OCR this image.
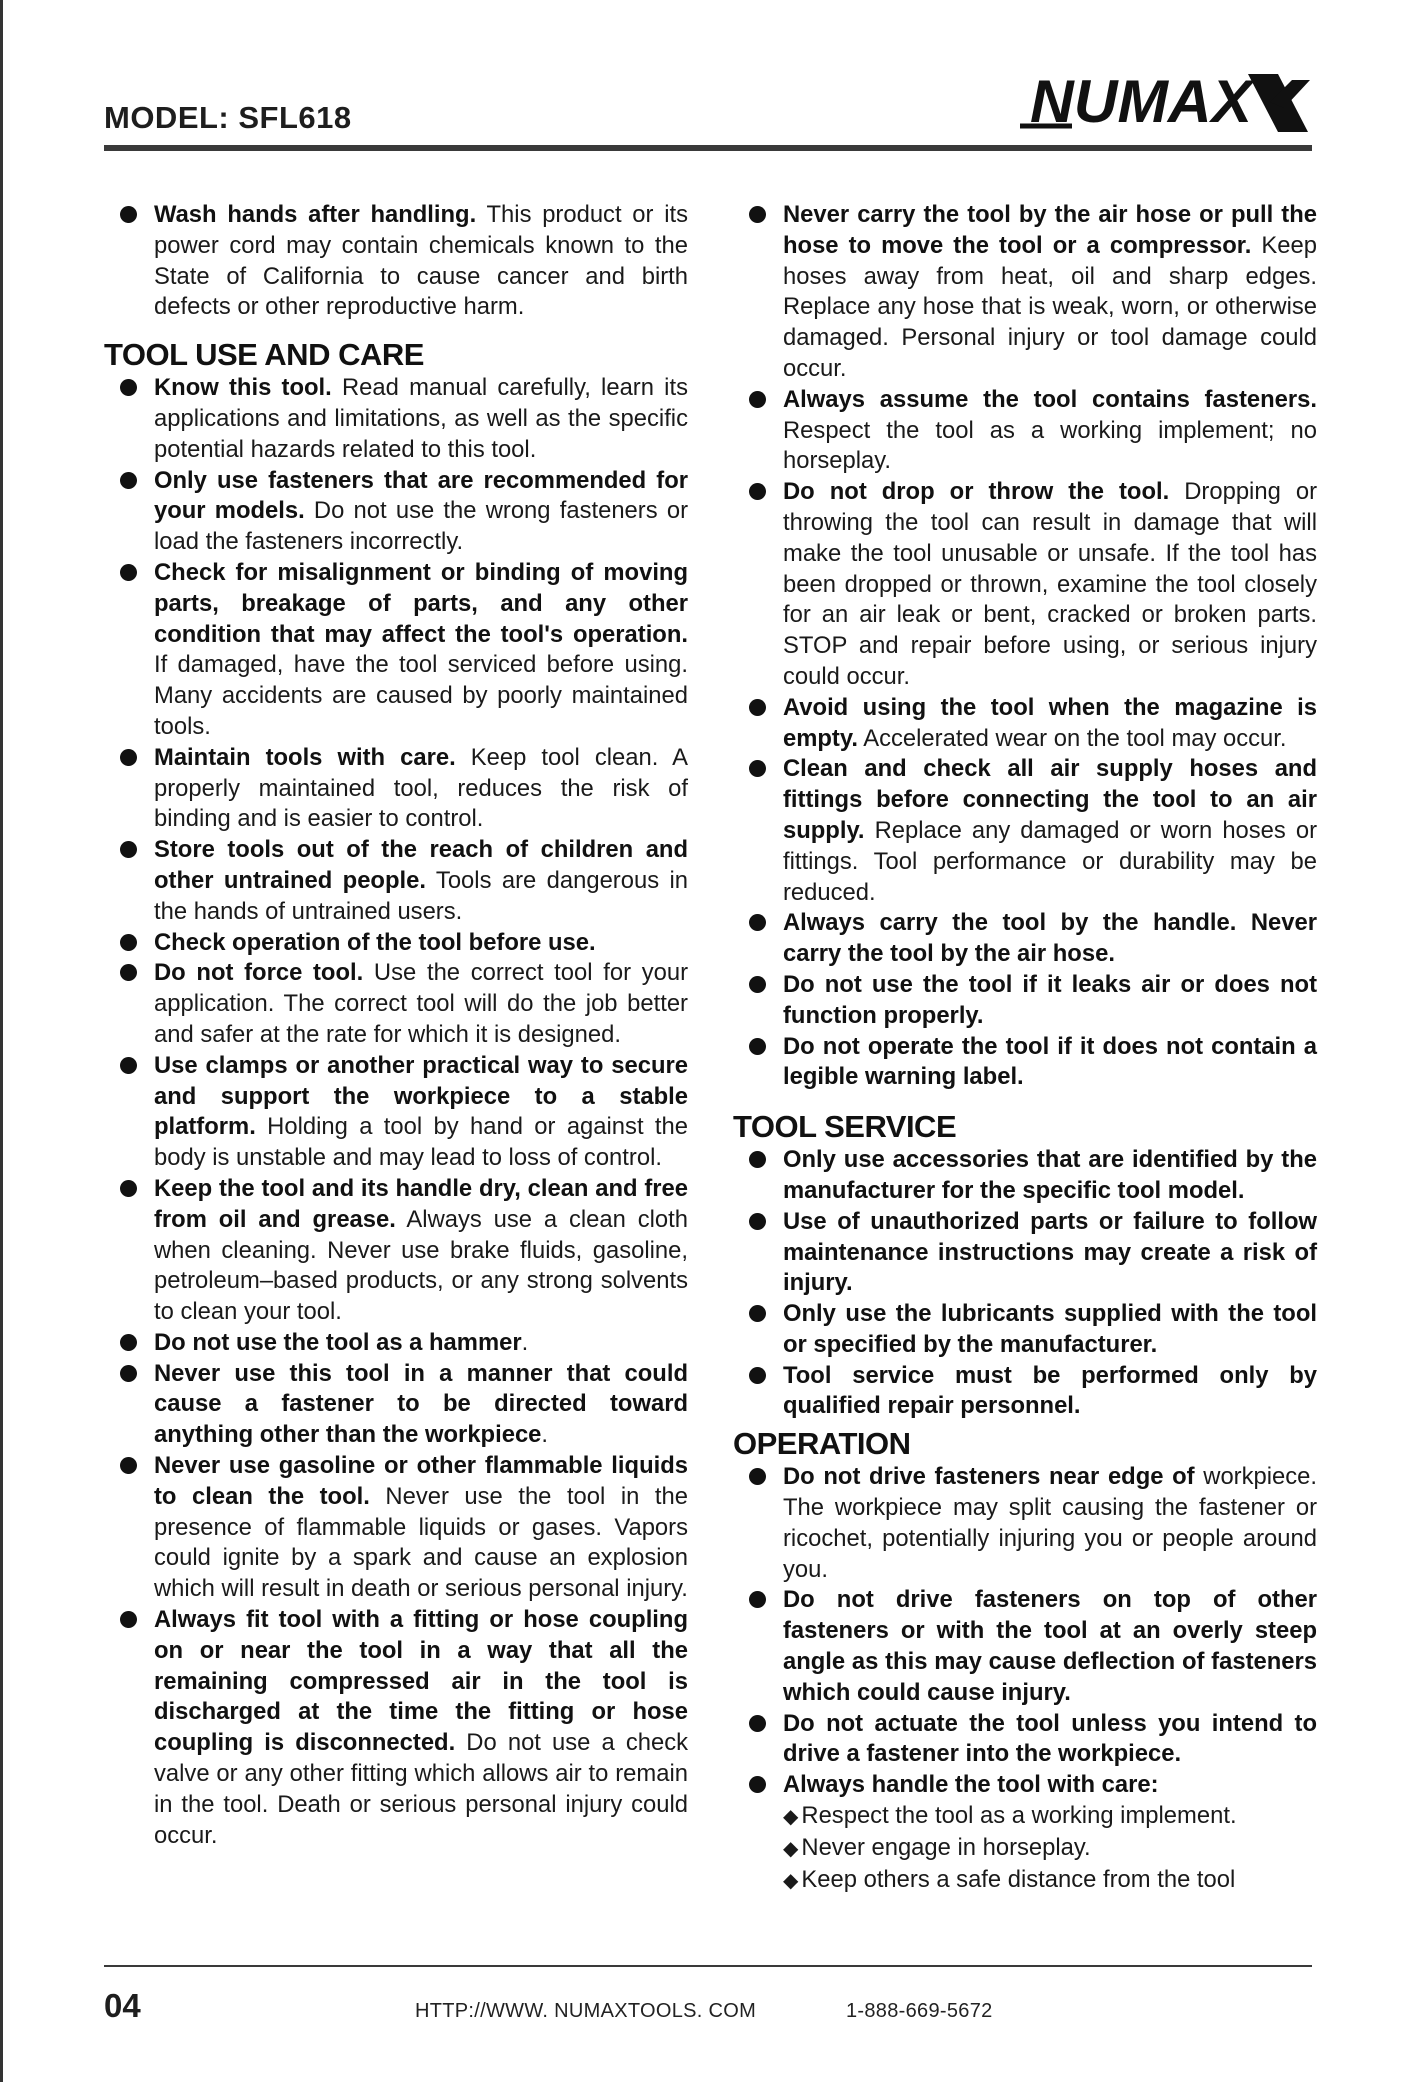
MODEL: SFL618	NUMAX
Wash hands after handling. This product or its power cord may contain chemicals known to the State of California to cause cancer and birth defects or other reproductive harm.
TOOL USE AND CARE
Know this tool. Read manual carefully, learn its applications and limitations, as well as the specific potential hazards related to this tool.
Only use fasteners that are recommended for your models. Do not use the wrong fasteners or load the fasteners incorrectly.
Check for misalignment or binding of moving parts, breakage of parts, and any other condition that may affect the tool's operation. If damaged, have the tool serviced before using. Many accidents are caused by poorly maintained tools.
Maintain tools with care. Keep tool clean. A properly maintained tool, reduces the risk of binding and is easier to control.
Store tools out of the reach of children and other untrained people. Tools are dangerous in the hands of untrained users.
Check operation of the tool before use.
Do not force tool. Use the correct tool for your application. The correct tool will do the job better and safer at the rate for which it is designed.
Use clamps or another practical way to secure and support the workpiece to a stable platform. Holding a tool by hand or against the body is unstable and may lead to loss of control.
Keep the tool and its handle dry, clean and free from oil and grease. Always use a clean cloth when cleaning. Never use brake fluids, gasoline, petroleum–based products, or any strong solvents to clean your tool.
Do not use the tool as a hammer.
Never use this tool in a manner that could cause a fastener to be directed toward anything other than the workpiece.
Never use gasoline or other flammable liquids to clean the tool. Never use the tool in the presence of flammable liquids or gases. Vapors could ignite by a spark and cause an explosion which will result in death or serious personal injury.
Always fit tool with a fitting or hose coupling on or near the tool in a way that all the remaining compressed air in the tool is discharged at the time the fitting or hose coupling is disconnected. Do not use a check valve or any other fitting which allows air to remain in the tool. Death or serious personal injury could occur.
Never carry the tool by the air hose or pull the hose to move the tool or a compressor. Keep hoses away from heat, oil and sharp edges. Replace any hose that is weak, worn, or otherwise damaged. Personal injury or tool damage could occur.
Always assume the tool contains fasteners. Respect the tool as a working implement; no horseplay.
Do not drop or throw the tool. Dropping or throwing the tool can result in damage that will make the tool unusable or unsafe. If the tool has been dropped or thrown, examine the tool closely for an air leak or bent, cracked or broken parts. STOP and repair before using, or serious injury could occur.
Avoid using the tool when the magazine is empty. Accelerated wear on the tool may occur.
Clean and check all air supply hoses and fittings before connecting the tool to an air supply. Replace any damaged or worn hoses or fittings. Tool performance or durability may be reduced.
Always carry the tool by the handle. Never carry the tool by the air hose.
Do not use the tool if it leaks air or does not function properly.
Do not operate the tool if it does not contain a legible warning label.
TOOL SERVICE
Only use accessories that are identified by the manufacturer for the specific tool model.
Use of unauthorized parts or failure to follow maintenance instructions may create a risk of injury.
Only use the lubricants supplied with the tool or specified by the manufacturer.
Tool service must be performed only by qualified repair personnel.
OPERATION
Do not drive fasteners near edge of workpiece. The workpiece may split causing the fastener or ricochet, potentially injuring you or people around you.
Do not drive fasteners on top of other fasteners or with the tool at an overly steep angle as this may cause deflection of fasteners which could cause injury.
Do not actuate the tool unless you intend to drive a fastener into the workpiece.
Always handle the tool with care:
◆ Respect the tool as a working implement.
◆ Never engage in horseplay.
◆ Keep others a safe distance from the tool
04	HTTP://WWW. NUMAXTOOLS. COM	1-888-669-5672
